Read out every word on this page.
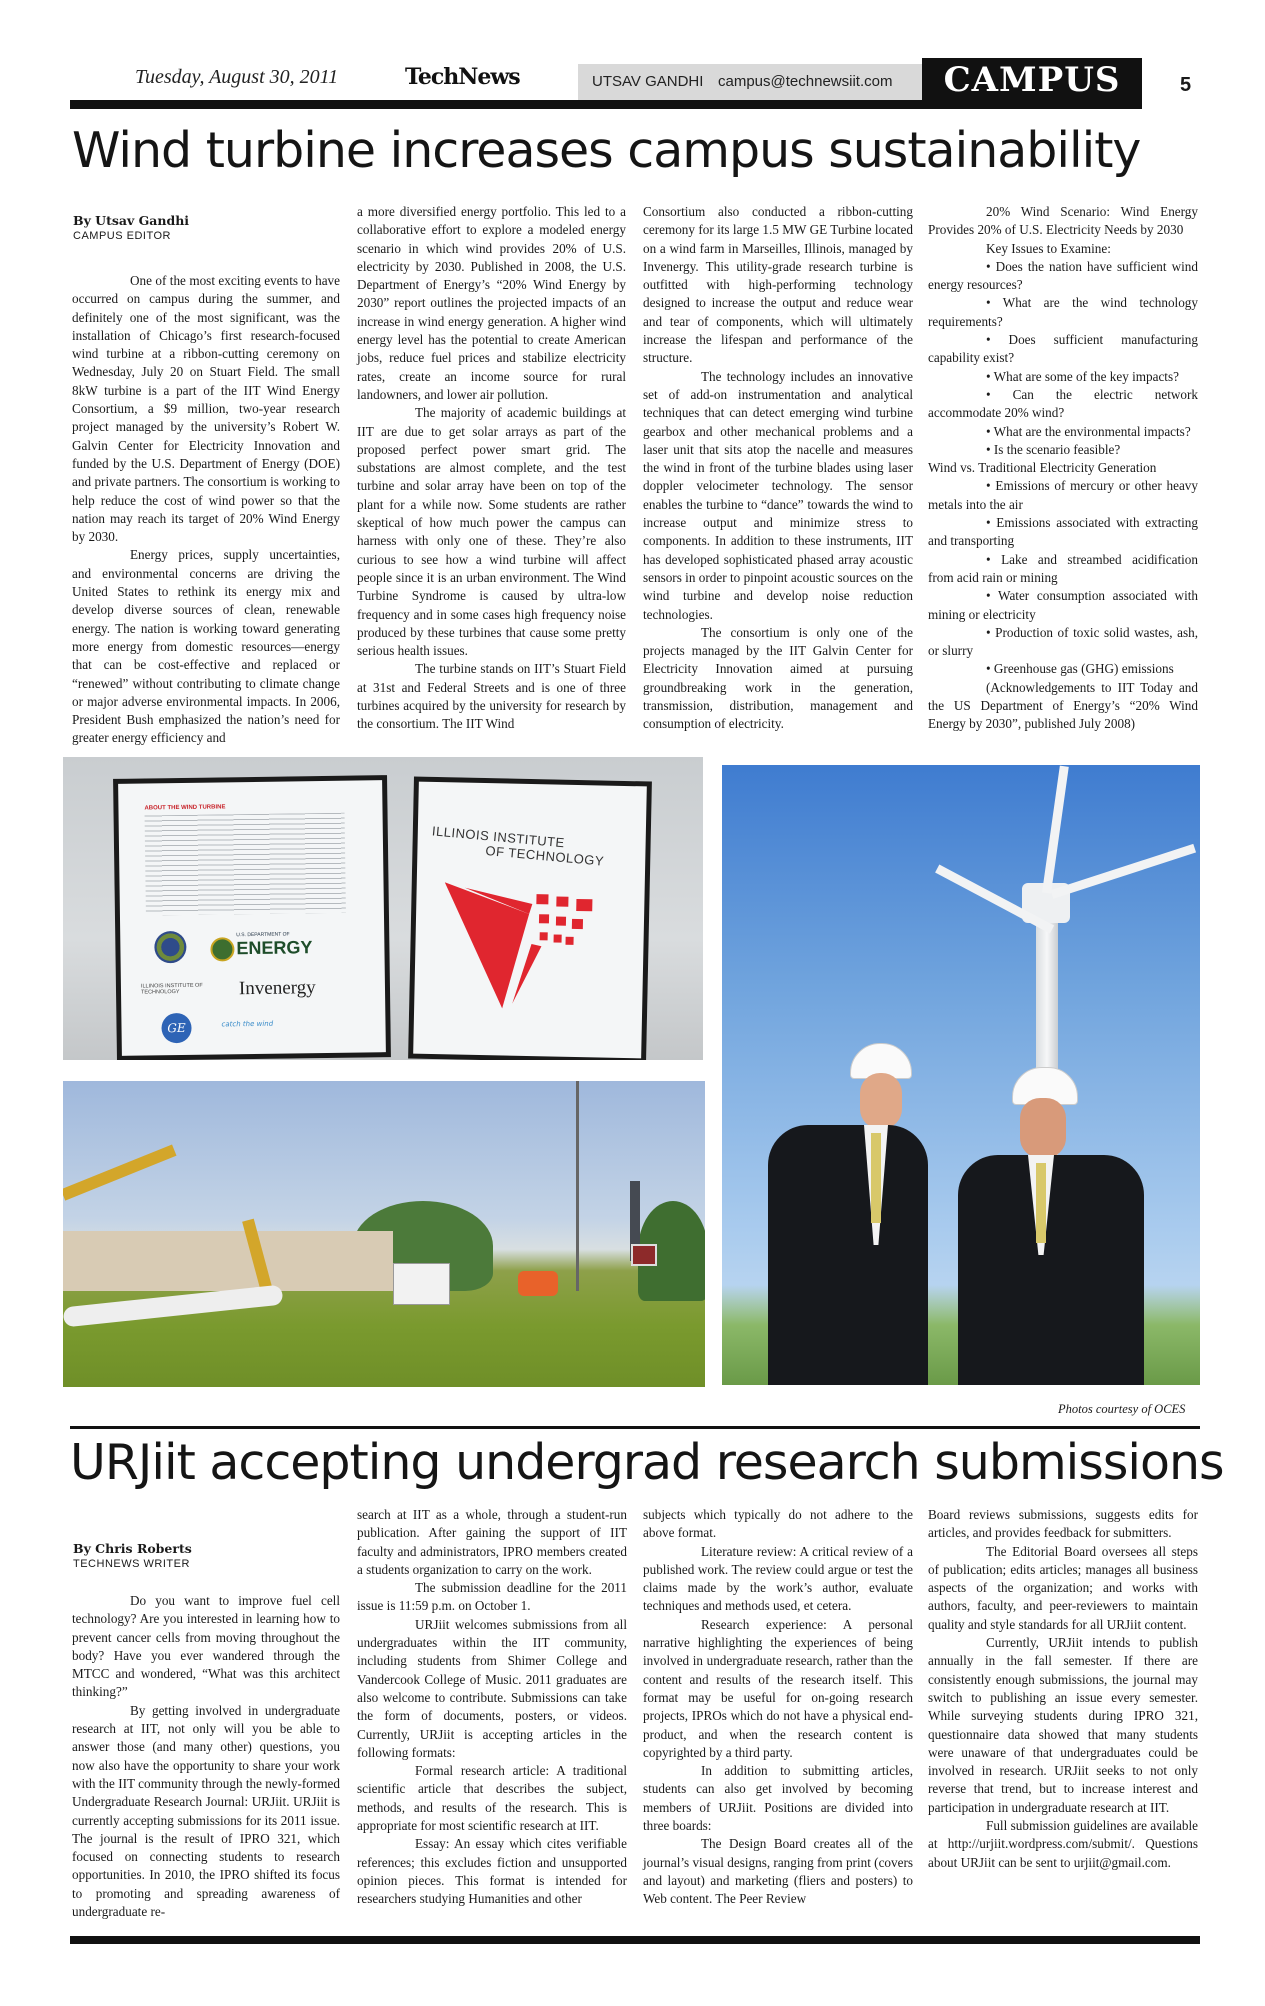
Tuesday, August 30, 2011	TechNews	UTSAV GANDHI campus@technewsiit.com	CAMPUS	5
Wind turbine increases campus sustainability
By Utsav Gandhi
CAMPUS EDITOR

One of the most exciting events to have occurred on campus during the summer, and definitely one of the most significant, was the installation of Chicago’s first research-focused wind turbine at a ribbon-cutting ceremony on Wednesday, July 20 on Stuart Field. The small 8kW turbine is a part of the IIT Wind Energy Consortium, a $9 million, two-year research project managed by the university’s Robert W. Galvin Center for Electricity Innovation and funded by the U.S. Department of Energy (DOE) and private partners. The consortium is working to help reduce the cost of wind power so that the nation may reach its target of 20% Wind Energy by 2030.

Energy prices, supply uncertainties, and environmental concerns are driving the United States to rethink its energy mix and develop diverse sources of clean, renewable energy. The nation is working toward generating more energy from domestic resources—energy that can be cost-effective and replaced or “renewed” without contributing to climate change or major adverse environmental impacts. In 2006, President Bush emphasized the nation’s need for greater energy efficiency and

a more diversified energy portfolio. This led to a collaborative effort to explore a modeled energy scenario in which wind provides 20% of U.S. electricity by 2030. Published in 2008, the U.S. Department of Energy’s “20% Wind Energy by 2030” report outlines the projected impacts of an increase in wind energy generation. A higher wind energy level has the potential to create American jobs, reduce fuel prices and stabilize electricity rates, create an income source for rural landowners, and lower air pollution.

The majority of academic buildings at IIT are due to get solar arrays as part of the proposed perfect power smart grid. The substations are almost complete, and the test turbine and solar array have been on top of the plant for a while now. Some students are rather skeptical of how much power the campus can harness with only one of these. They’re also curious to see how a wind turbine will affect people since it is an urban environment. The Wind Turbine Syndrome is caused by ultra-low frequency and in some cases high frequency noise produced by these turbines that cause some pretty serious health issues.

The turbine stands on IIT’s Stuart Field at 31st and Federal Streets and is one of three turbines acquired by the university for research by the consortium. The IIT Wind

Consortium also conducted a ribbon-cutting ceremony for its large 1.5 MW GE Turbine located on a wind farm in Marseilles, Illinois, managed by Invenergy. This utility-grade research turbine is outfitted with high-performing technology designed to increase the output and reduce wear and tear of components, which will ultimately increase the lifespan and performance of the structure.

The technology includes an innovative set of add-on instrumentation and analytical techniques that can detect emerging wind turbine gearbox and other mechanical problems and a laser unit that sits atop the nacelle and measures the wind in front of the turbine blades using laser doppler velocimeter technology. The sensor enables the turbine to “dance” towards the wind to increase output and minimize stress to components. In addition to these instruments, IIT has developed sophisticated phased array acoustic sensors in order to pinpoint acoustic sources on the wind turbine and develop noise reduction technologies.

The consortium is only one of the projects managed by the IIT Galvin Center for Electricity Innovation aimed at pursuing groundbreaking work in the generation, transmission, distribution, management and consumption of electricity.

20% Wind Scenario: Wind Energy Provides 20% of U.S. Electricity Needs by 2030

Key Issues to Examine:

• Does the nation have sufficient wind energy resources?

• What are the wind technology requirements?

• Does sufficient manufacturing capability exist?

• What are some of the key impacts?

• Can the electric network accommodate 20% wind?

• What are the environmental impacts?

• Is the scenario feasible?

Wind vs. Traditional Electricity Generation

• Emissions of mercury or other heavy metals into the air

• Emissions associated with extracting and transporting

• Lake and streambed acidification from acid rain or mining

• Water consumption associated with mining or electricity

• Production of toxic solid wastes, ash, or slurry

• Greenhouse gas (GHG) emissions

(Acknowledgements to IIT Today and the US Department of Energy’s “20% Wind Energy by 2030”, published July 2008)

ABOUT THE WIND TURBINE
U.S. DEPARTMENT OF
ENERGY
ILLINOIS INSTITUTE OF TECHNOLOGY	Invenergy
GE	catch the wind
ILLINOIS INSTITUTE
OF TECHNOLOGY
Photos courtesy of OCES
URJiit accepting undergrad research submissions
By Chris Roberts
TECHNEWS WRITER

Do you want to improve fuel cell technology? Are you interested in learning how to prevent cancer cells from moving throughout the body? Have you ever wandered through the MTCC and wondered, “What was this architect thinking?”

By getting involved in undergraduate research at IIT, not only will you be able to answer those (and many other) questions, you now also have the opportunity to share your work with the IIT community through the newly-formed Undergraduate Research Journal: URJiit. URJiit is currently accepting submissions for its 2011 issue. The journal is the result of IPRO 321, which focused on connecting students to research opportunities. In 2010, the IPRO shifted its focus to promoting and spreading awareness of undergraduate re-

search at IIT as a whole, through a student-run publication. After gaining the support of IIT faculty and administrators, IPRO members created a students organization to carry on the work.

The submission deadline for the 2011 issue is 11:59 p.m. on October 1.

URJiit welcomes submissions from all undergraduates within the IIT community, including students from Shimer College and Vandercook College of Music. 2011 graduates are also welcome to contribute. Submissions can take the form of documents, posters, or videos. Currently, URJiit is accepting articles in the following formats:

Formal research article: A traditional scientific article that describes the subject, methods, and results of the research. This is appropriate for most scientific research at IIT.

Essay: An essay which cites verifiable references; this excludes fiction and unsupported opinion pieces. This format is intended for researchers studying Humanities and other

subjects which typically do not adhere to the above format.

Literature review: A critical review of a published work. The review could argue or test the claims made by the work’s author, evaluate techniques and methods used, et cetera.

Research experience: A personal narrative highlighting the experiences of being involved in undergraduate research, rather than the content and results of the research itself. This format may be useful for on-going research projects, IPROs which do not have a physical end-product, and when the research content is copyrighted by a third party.

In addition to submitting articles, students can also get involved by becoming members of URJiit. Positions are divided into three boards:

The Design Board creates all of the journal’s visual designs, ranging from print (covers and layout) and marketing (fliers and posters) to Web content. The Peer Review

Board reviews submissions, suggests edits for articles, and provides feedback for submitters.

The Editorial Board oversees all steps of publication; edits articles; manages all business aspects of the organization; and works with authors, faculty, and peer-reviewers to maintain quality and style standards for all URJiit content.

Currently, URJiit intends to publish annually in the fall semester. If there are consistently enough submissions, the journal may switch to publishing an issue every semester. While surveying students during IPRO 321, questionnaire data showed that many students were unaware of that undergraduates could be involved in research. URJiit seeks to not only reverse that trend, but to increase interest and participation in undergraduate research at IIT.

Full submission guidelines are available at http://urjiit.wordpress.com/submit/. Questions about URJiit can be sent to urjiit@gmail.com.
